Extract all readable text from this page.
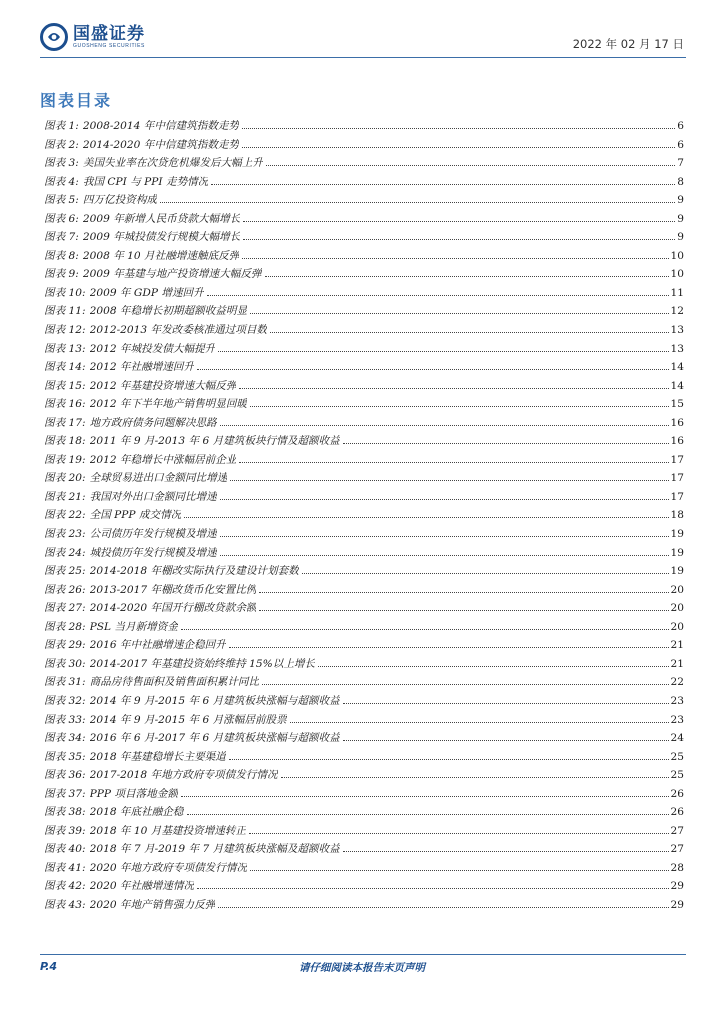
国盛证券
GUOSHENG SECURITIES	2022 年 02 月 17 日
图表目录
图表 1: 2008-2014 年中信建筑指数走势	6
图表 2: 2014-2020 年中信建筑指数走势	6
图表 3: 美国失业率在次贷危机爆发后大幅上升	7
图表 4: 我国 CPI 与 PPI 走势情况	8
图表 5: 四万亿投资构成	9
图表 6: 2009 年新增人民币贷款大幅增长	9
图表 7: 2009 年城投债发行规模大幅增长	9
图表 8: 2008 年 10 月社融增速触底反弹	10
图表 9: 2009 年基建与地产投资增速大幅反弹	10
图表 10: 2009 年 GDP 增速回升	11
图表 11: 2008 年稳增长初期超额收益明显	12
图表 12: 2012-2013 年发改委核准通过项目数	13
图表 13: 2012 年城投发债大幅提升	13
图表 14: 2012 年社融增速回升	14
图表 15: 2012 年基建投资增速大幅反弹	14
图表 16: 2012 年下半年地产销售明显回暖	15
图表 17: 地方政府债务问题解决思路	16
图表 18: 2011 年 9 月-2013 年 6 月建筑板块行情及超额收益	16
图表 19: 2012 年稳增长中涨幅居前企业	17
图表 20: 全球贸易进出口金额同比增速	17
图表 21: 我国对外出口金额同比增速	17
图表 22: 全国 PPP 成交情况	18
图表 23: 公司债历年发行规模及增速	19
图表 24: 城投债历年发行规模及增速	19
图表 25: 2014-2018 年棚改实际执行及建设计划套数	19
图表 26: 2013-2017 年棚改货币化安置比例	20
图表 27: 2014-2020 年国开行棚改贷款余额	20
图表 28: PSL 当月新增资金	20
图表 29: 2016 年中社融增速企稳回升	21
图表 30: 2014-2017 年基建投资始终维持 15%以上增长	21
图表 31: 商品房待售面积及销售面积累计同比	22
图表 32: 2014 年 9 月-2015 年 6 月建筑板块涨幅与超额收益	23
图表 33: 2014 年 9 月-2015 年 6 月涨幅居前股票	23
图表 34: 2016 年 6 月-2017 年 6 月建筑板块涨幅与超额收益	24
图表 35: 2018 年基建稳增长主要渠道	25
图表 36: 2017-2018 年地方政府专项债发行情况	25
图表 37: PPP 项目落地金额	26
图表 38: 2018 年底社融企稳	26
图表 39: 2018 年 10 月基建投资增速转正	27
图表 40: 2018 年 7 月-2019 年 7 月建筑板块涨幅及超额收益	27
图表 41: 2020 年地方政府专项债发行情况	28
图表 42: 2020 年社融增速情况	29
图表 43: 2020 年地产销售强力反弹	29
P.4	请仔细阅读本报告末页声明
